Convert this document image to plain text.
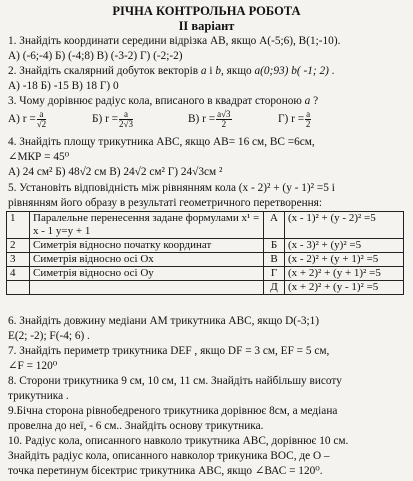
РІЧНА КОНТРОЛЬНА РОБОТА
ІІ варіант
1. Знайдіть координати середини відрізка АВ, якщо А(-5;6), В(1;-10).
А) (-6;-4) Б) (-4;8) В) (-3-2) Г) (-2;-2)
2. Знайдіть скалярний добуток векторів a і b, якщо a(0;93) b( -1; 2) .
А) -18 Б) -15 В) 18 Г) 0
3. Чому дорівнює радіус кола, вписаного в квадрат стороною a ?
А) $r = \frac{a}{√2}$	Б) $r = \frac{a}{2√3}$	В) $r = \frac{a√3}{2}$	Г) $r = \frac{a}{2}$
4. Знайдіть площу трикутника АВС, якщо АВ= 16 см, ВС =6см,
∠МКР = 45⁰
А) 24 см² Б) 48√2 см В) 24√2 см² Г) 24√3см ²
5. Установіть відповідність між рівнянням кола (х - 2)² + (у - 1)² =5 і
рівнянням його образу в результаті геометричного перетворення:
1	Паралельне перенесення задане формулами х¹ = х - 1 у=у + 1	А	(х - 1)² + (у - 2)² =5
2	Симетрія відносно початку координат	Б	(х - 3)² + (у)² =5
3	Симетрія відносно осі Ох	В	(х - 2)² + (у + 1)² =5
4	Симетрія відносно осі Оу	Г	(х + 2)² + (у + 1)² =5
		Д	(х + 2)² + (у - 1)² =5
6. Знайдіть довжину медіани АМ трикутника АВС, якщо D(-3;1)
E(2; -2); F(-4; 6) .
7. Знайдіть периметр трикутника DEF , якщо DF = 3 см, EF = 5 см,
∠F = 120⁰
8. Сторони трикутника 9 см, 10 см, 11 см. Знайдіть найбільшу висоту
трикутника .
9.Бічна сторона рівнобедреного трикутника дорівнює 8см, а медіана
провелна до неї, - 6 см.. Знайдіть основу трикутника.
10. Радіус кола, описанного навколо трикутника АВС, дорівнює 10 см.
Знайдіть радіус кола, описанного навколор трикуника ВОС, де О –
точка перетинум бісектрис трикутника АВС, якщо ∠ВАС = 120⁰.
